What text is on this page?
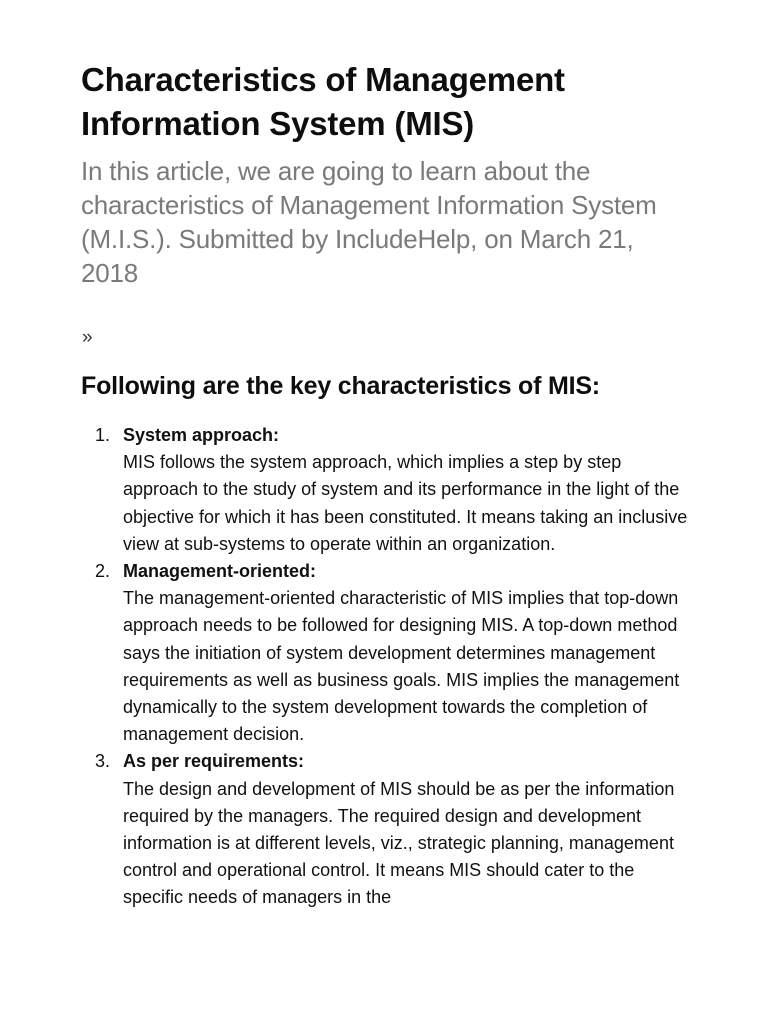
Characteristics of Management Information System (MIS)

In this article, we are going to learn about the characteristics of Management Information System (M.I.S.). Submitted by IncludeHelp, on March 21, 2018

»
Following are the key characteristics of MIS:
1. System approach:
MIS follows the system approach, which implies a step by step approach to the study of system and its performance in the light of the objective for which it has been constituted. It means taking an inclusive view at sub-systems to operate within an organization.
2. Management-oriented:
The management-oriented characteristic of MIS implies that top-down approach needs to be followed for designing MIS. A top-down method says the initiation of system development determines management requirements as well as business goals. MIS implies the management dynamically to the system development towards the completion of management decision.
3. As per requirements:
The design and development of MIS should be as per the information required by the managers. The required design and development information is at different levels, viz., strategic planning, management control and operational control. It means MIS should cater to the specific needs of managers in the
